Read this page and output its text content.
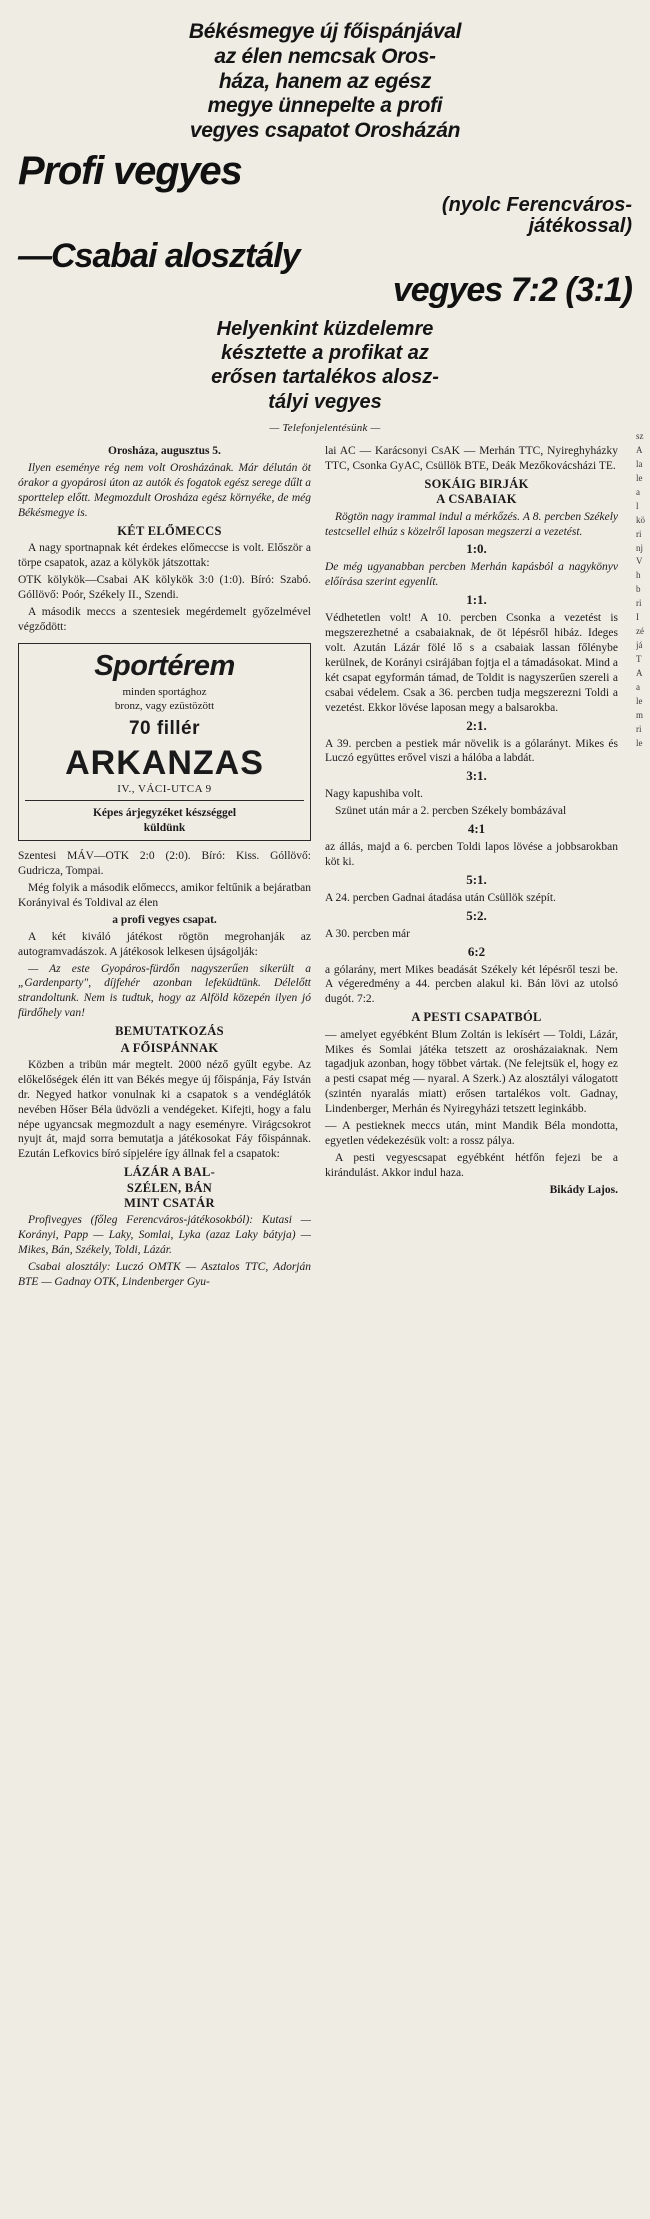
Békésmegye új főispánjával
az élen nemcsak Oros-
háza, hanem az egész
megye ünnepelte a profi
vegyes csapatot Orosházán
Profi vegyes
(nyolc Ferencváros-
játékossal)
—Csabai alosztály
vegyes 7:2 (3:1)
Helyenkint küzdelemre
késztette a profikat az
erősen tartalékos alosz-
tályi vegyes
— Telefonjelentésünk —

Orosháza, augusztus 5.

Ilyen eseménye rég nem volt Orosházának. Már délután öt órakor a gyopárosi úton az autók és fogatok egész serege dűlt a sporttelep előtt. Megmozdult Orosháza egész környéke, de még Békésmegye is.

KÉT ELŐMECCS

A nagy sportnapnak két érdekes előmeccse is volt. Először a törpe csapatok, azaz a kölykök játszottak:

OTK kölykök—Csabai AK kölykök 3:0 (1:0). Bíró: Szabó. Góllövő: Poór, Székely II., Szendi.

A második meccs a szentesiek megérdemelt győzelmével végződött:

Sportérem
minden sportághoz
bronz, vagy ezüstözött
70 fillér
ARKANZAS
IV., VÁCI-UTCA 9
Képes árjegyzéket készséggel
küldünk

Szentesi MÁV—OTK 2:0 (2:0). Bíró: Kiss. Góllövő: Gudricza, Tompai.

Még folyik a második előmeccs, amikor feltűnik a bejáratban Korányival és Toldival az élen

a profi vegyes csapat.

A két kiváló játékost rögtön megrohanják az autogramvadászok. A játékosok lelkesen újságolják:

— Az este Gyopáros-fürdőn nagyszerűen sikerült a „Gardenparty", díjfehér azonban lefeküdtünk. Délelőtt strandoltunk. Nem is tudtuk, hogy az Alföld közepén ilyen jó fürdőhely van!

BEMUTATKOZÁS

A FŐISPÁNNAK

Közben a tribün már megtelt. 2000 néző gyűlt egybe. Az előkelőségek élén itt van Békés megye új főispánja, Fáy István dr. Negyed hatkor vonulnak ki a csapatok s a vendéglátók nevében Hőser Béla üdvözli a vendégeket. Kifejti, hogy a falu népe ugyancsak megmozdult a nagy eseményre. Virágcsokrot nyujt át, majd sorra bemutatja a játékosokat Fáy főispánnak. Ezután Lefkovics bíró sípjelére így állnak fel a csapatok:

LÁZÁR A BAL-

SZÉLEN, BÁN

MINT CSATÁR

Profivegyes (főleg Ferencváros-játékosokból): Kutasi — Korányi, Papp — Laky, Somlai, Lyka (azaz Laky bátyja) — Mikes, Bán, Székely, Toldi, Lázár.

Csabai alosztály: Luczó OMTK — Asztalos TTC, Adorján BTE — Gadnay OTK, Lindenberger Gyu-

lai AC — Karácsonyi CsAK — Merhán TTC, Nyireghyházky TTC, Csonka GyAC, Csüllök BTE, Deák Mezőkovácsházi TE.

SOKÁIG BIRJÁK

A CSABAIAK

Rögtön nagy irammal indul a mérkőzés. A 8. percben Székely testcsellel elhúz s közelről laposan megszerzi a vezetést.

1:0.

De még ugyanabban percben Merhán kapásból a nagykönyv előírása szerint egyenlít.

1:1.

Védhetetlen volt! A 10. percben Csonka a vezetést is megszerezhetné a csabaiaknak, de öt lépésről hibáz. Ideges volt. Azután Lázár fölé lő s a csabaiak lassan főlénybe kerülnek, de Korányi csirájában fojtja el a támadásokat. Mind a két csapat egyformán támad, de Toldit is nagyszerűen szereli a csabai védelem. Csak a 36. percben tudja megszerezni Toldi a vezetést. Ekkor lövése laposan megy a balsarokba.

2:1.

A 39. percben a pestiek már növelik is a gólarányt. Mikes és Luczó együttes erővel viszi a hálóba a labdát.

3:1.

Nagy kapushiba volt.

Szünet után már a 2. percben Székely bombázával

4:1

az állás, majd a 6. percben Toldi lapos lövése a jobbsarokban köt ki.

5:1.

A 24. percben Gadnai átadása után Csüllök szépít.

5:2.

A 30. percben már

6:2

a gólarány, mert Mikes beadását Székely két lépésről teszi be. A végeredmény a 44. percben alakul ki. Bán lövi az utolsó dugót. 7:2.

A PESTI CSAPATBÓL

— amelyet egyébként Blum Zoltán is lekísért — Toldi, Lázár, Mikes és Somlai játéka tetszett az orosházaiaknak. Nem tagadjuk azonban, hogy többet vártak. (Ne felejtsük el, hogy ez a pesti csapat még — nyaral. A Szerk.) Az alosztályi válogatott (szintén nyaralás miatt) erősen tartalékos volt. Gadnay, Lindenberger, Merhán és Nyiregyházi tetszett leginkább.

— A pestieknek meccs után, mint Mandik Béla mondotta, egyetlen védekezésük volt: a rossz pálya.

A pesti vegyescsapat egyébként hétfőn fejezi be a kirándulást. Akkor indul haza.

Bikády Lajos.

sz
A
la
le
a
l
kö
ri
nj
V
h
b
ri
I
zé
já
T
A
a
le
m
ri
le
